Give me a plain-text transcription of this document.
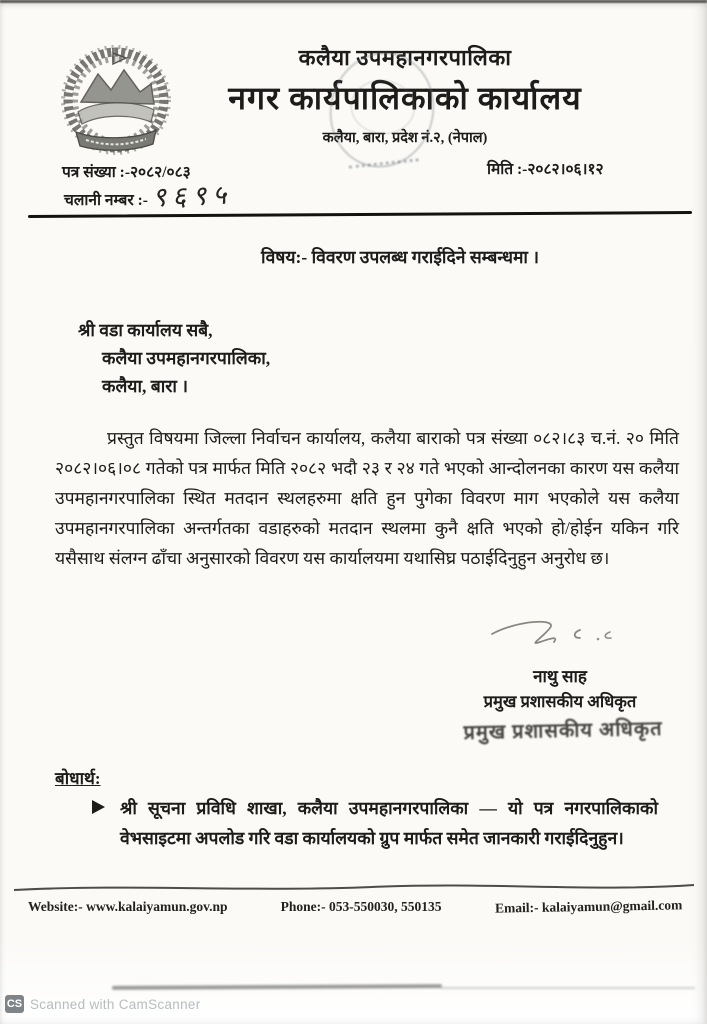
कलैया उपमहानगरपालिका
नगर कार्यपालिकाको कार्यालय
कलैया, बारा, प्रदेश नं.२, (नेपाल)
पत्र संख्या :-२०८२/०८३	मिति :-२०८२।०६।१२
चलानी नम्बर :- ९६९५
विषय:- विवरण उपलब्ध गराईदिने सम्बन्धमा ।
श्री वडा कार्यालय सबै,
कलैया उपमहानगरपालिका,
कलैया, बारा ।
प्रस्तुत विषयमा जिल्ला निर्वाचन कार्यालय, कलैया बाराको पत्र संख्या ०८२।८३ च.नं. २० मिति २०८२।०६।०८ गतेको पत्र मार्फत मिति २०८२ भदौ २३ र २४ गते भएको आन्दोलनका कारण यस कलैया उपमहानगरपालिका स्थित मतदान स्थलहरुमा क्षति हुन पुगेका विवरण माग भएकोले यस कलैया उपमहानगरपालिका अन्तर्गतका वडाहरुको मतदान स्थलमा कुनै क्षति भएको हो/होईन यकिन गरि यसैसाथ संलग्न ढाँचा अनुसारको विवरण यस कार्यालयमा यथासिघ्र पठाईदिनुहुन अनुरोध छ।
नाथु साह
प्रमुख प्रशासकीय अधिकृत
प्रमुख प्रशासकीय अधिकृत
बोधार्थ:
श्री सूचना प्रविधि शाखा, कलैया उपमहानगरपालिका — यो पत्र नगरपालिकाको वेभसाइटमा अपलोड गरि वडा कार्यालयको ग्रुप मार्फत समेत जानकारी गराईदिनुहुन।
Website:- www.kalaiyamun.gov.np	Phone:- 053-550030, 550135	Email:- kalaiyamun@gmail.com
CS Scanned with CamScanner
